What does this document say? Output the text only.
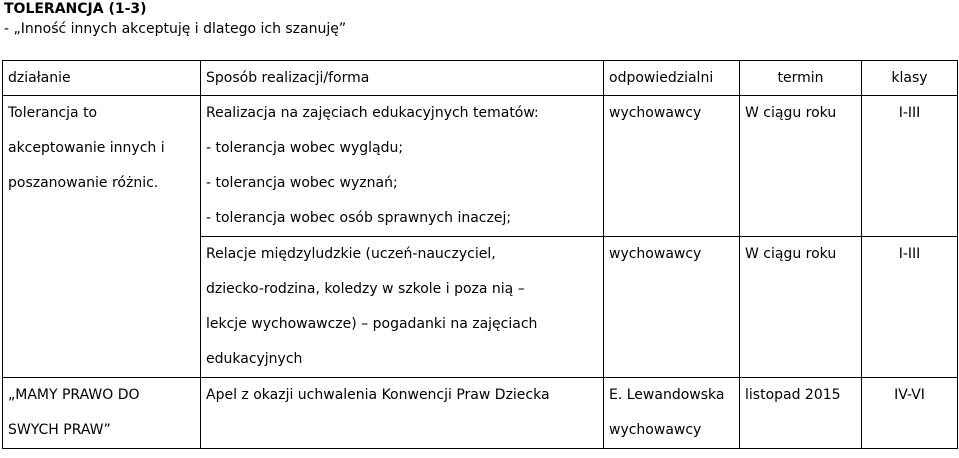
TOLERANCJA (1-3)
- „Inność innych akceptuję i dlatego ich szanuję”
działanie	Sposób realizacji/forma	odpowiedzialni	termin	klasy

Tolerancja to
akceptowanie innych i
poszanowanie różnic.	Realizacja na zajęciach edukacyjnych tematów:
- tolerancja wobec wyglądu;
- tolerancja wobec wyznań;
- tolerancja wobec osób sprawnych inaczej;	wychowawcy	W ciągu roku	I-III

	Relacje międzyludzkie (uczeń-nauczyciel,
dziecko-rodzina, koledzy w szkole i poza nią –
lekcje wychowawcze) – pogadanki na zajęciach
edukacyjnych	wychowawcy	W ciągu roku	I-III

„MAMY PRAWO DO
SWYCH PRAW”	Apel z okazji uchwalenia Konwencji Praw Dziecka	E. Lewandowska
wychowawcy	listopad 2015	IV-VI
